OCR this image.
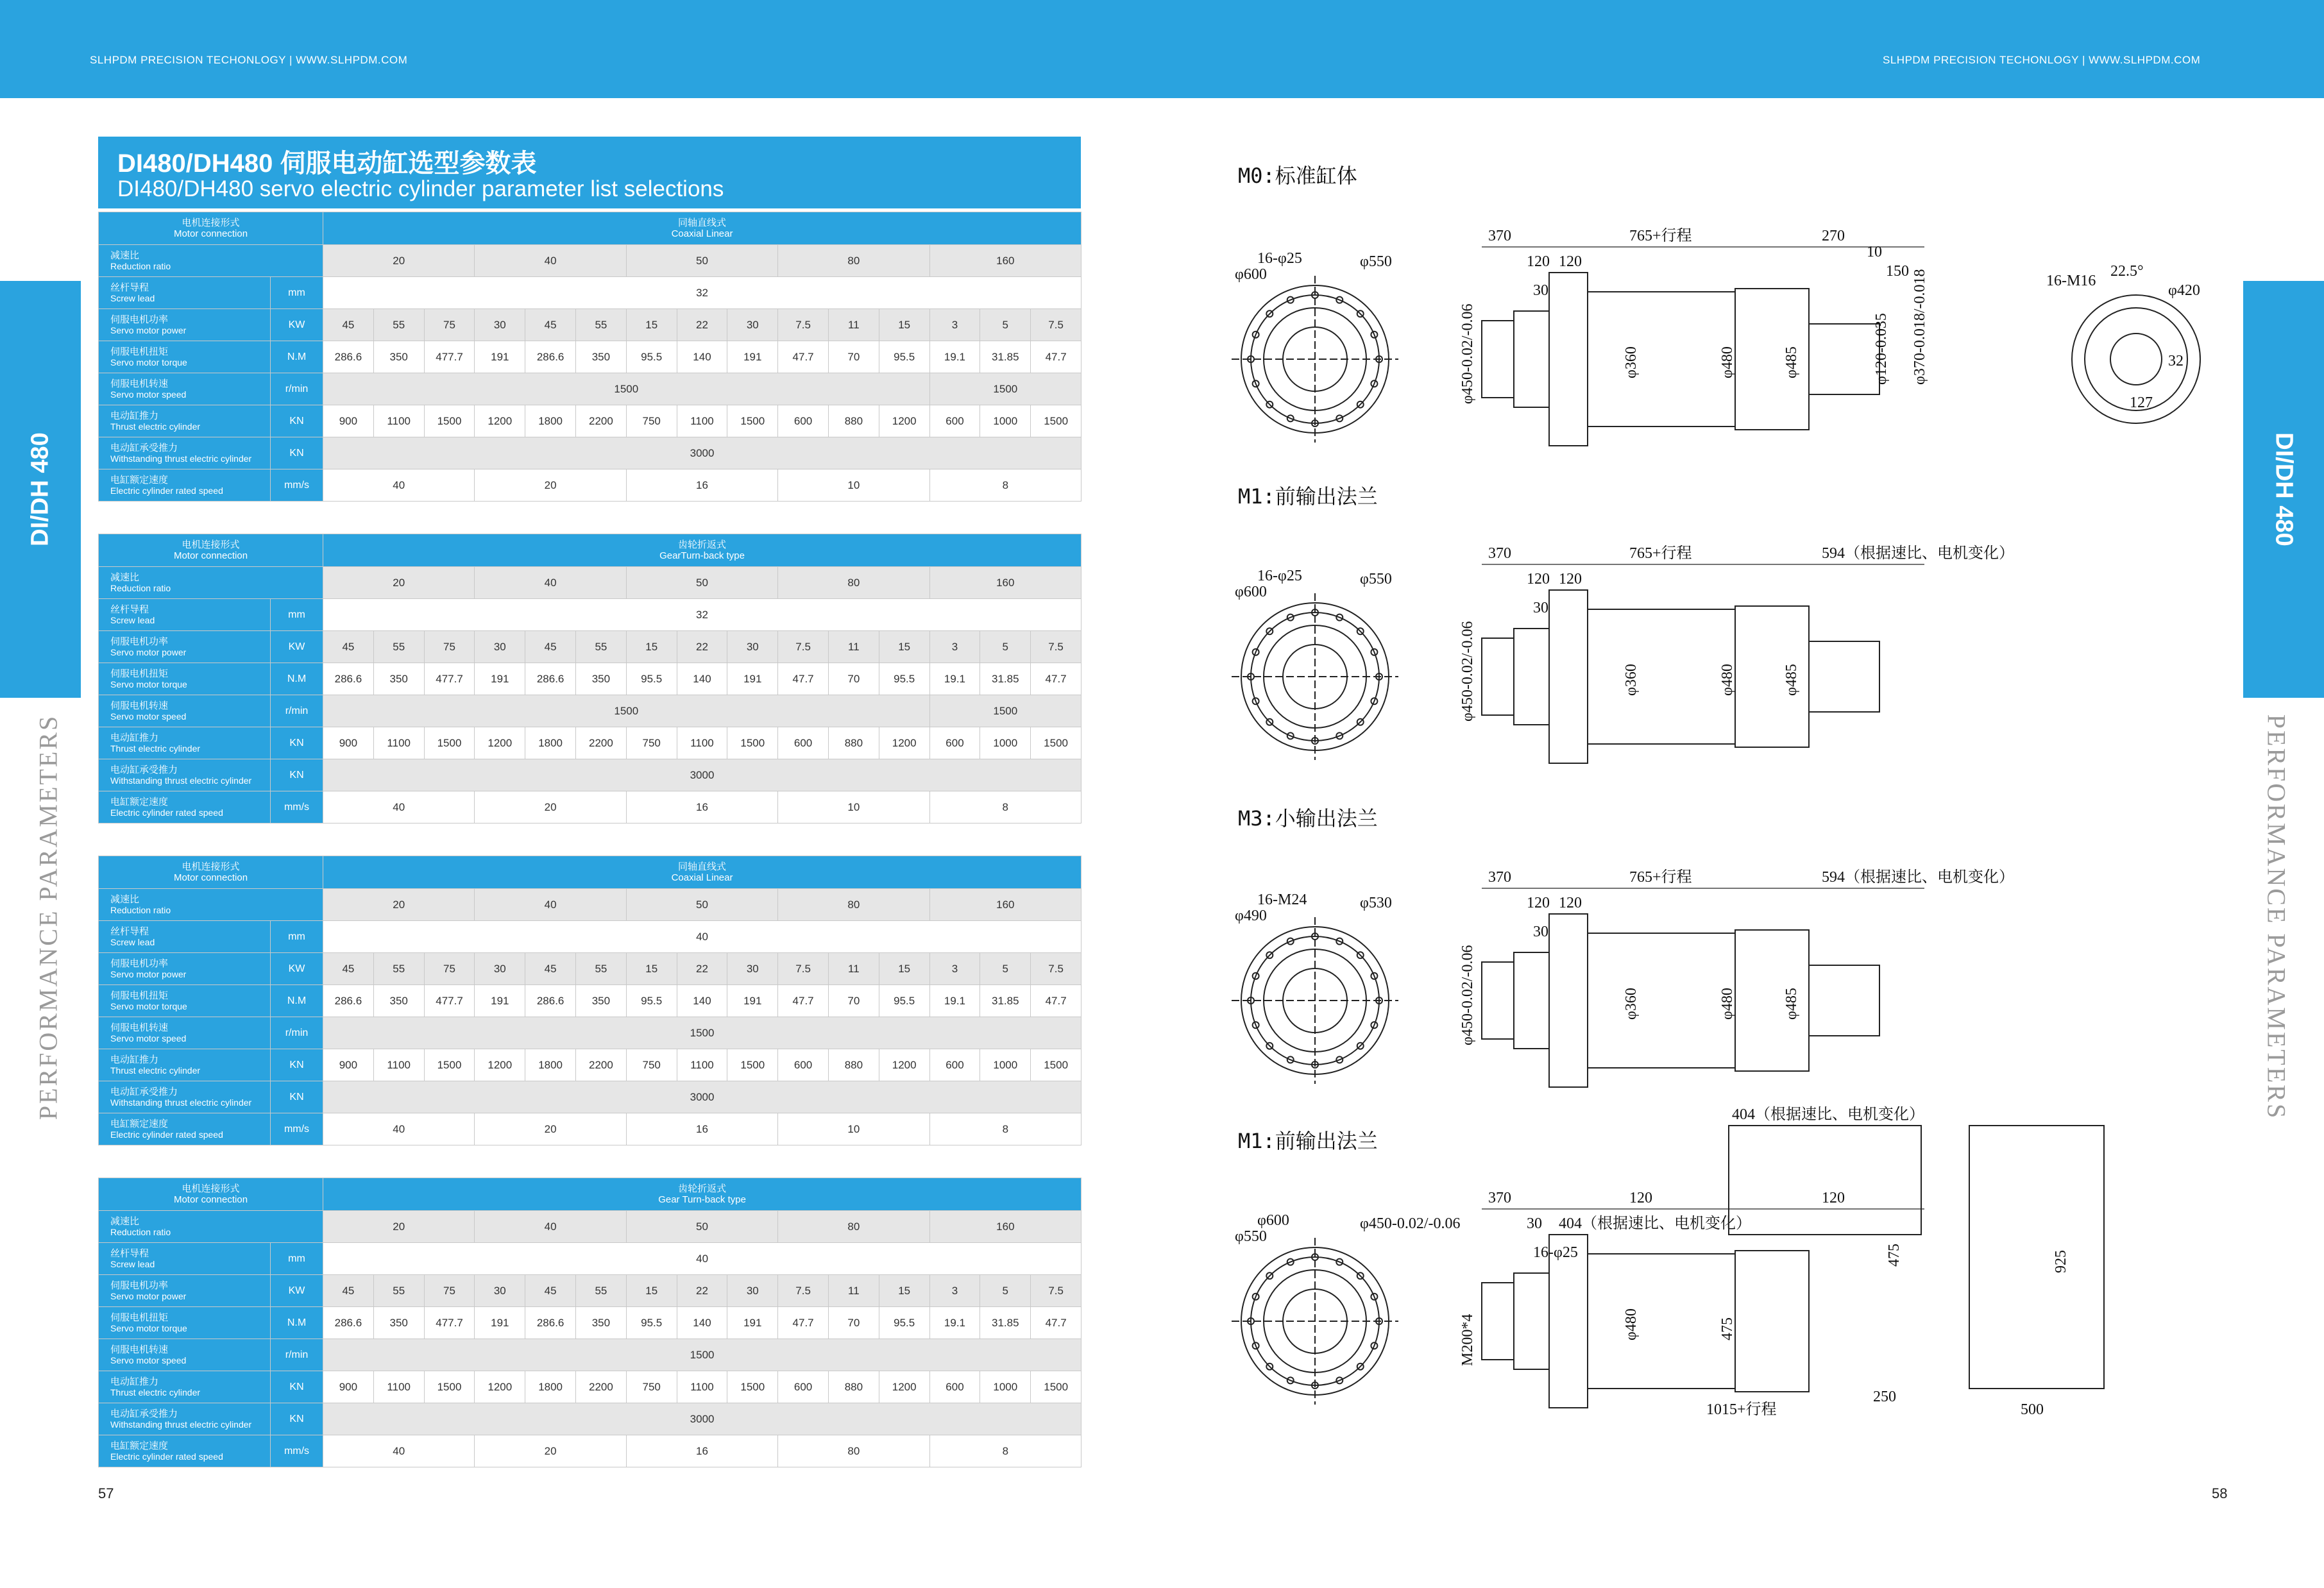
SLHPDM PRECISION TECHONLOGY | WWW.SLHPDM.COM	SLHPDM PRECISION TECHONLOGY | WWW.SLHPDM.COM
DI/DH 480	DI/DH 480
PERFORMANCE PARAMETERS	PERFORMANCE PARAMETERS
DI480/DH480 伺服电动缸选型参数表
DI480/DH480 servo electric cylinder parameter list selections
电机连接形式
Motor connection		同轴直线式
Coaxial Linear														

减速比
Reduction ratio		20			40			50			80			160		

丝杆导程
Screw lead	mm	32														

伺服电机功率
Servo motor power	KW	45	55	75	30	45	55	15	22	30	7.5	11	15	3	5	7.5

伺服电机扭矩
Servo motor torque	N.M	286.6	350	477.7	191	286.6	350	95.5	140	191	47.7	70	95.5	19.1	31.85	47.7

伺服电机转速
Servo motor speed	r/min	1500												1500		

电动缸推力
Thrust electric cylinder	KN	900	1100	1500	1200	1800	2200	750	1100	1500	600	880	1200	600	1000	1500

电动缸承受推力
Withstanding thrust electric cylinder	KN	3000														

电缸额定速度
Electric cylinder rated speed	mm/s	40			20			16			10			8		
电机连接形式
Motor connection		齿轮折返式
GearTurn-back type														

减速比
Reduction ratio		20			40			50			80			160		

丝杆导程
Screw lead	mm	32														

伺服电机功率
Servo motor power	KW	45	55	75	30	45	55	15	22	30	7.5	11	15	3	5	7.5

伺服电机扭矩
Servo motor torque	N.M	286.6	350	477.7	191	286.6	350	95.5	140	191	47.7	70	95.5	19.1	31.85	47.7

伺服电机转速
Servo motor speed	r/min	1500												1500		

电动缸推力
Thrust electric cylinder	KN	900	1100	1500	1200	1800	2200	750	1100	1500	600	880	1200	600	1000	1500

电动缸承受推力
Withstanding thrust electric cylinder	KN	3000														

电缸额定速度
Electric cylinder rated speed	mm/s	40			20			16			10			8		
电机连接形式
Motor connection		同轴直线式
Coaxial Linear														

减速比
Reduction ratio		20			40			50			80			160		

丝杆导程
Screw lead	mm	40														

伺服电机功率
Servo motor power	KW	45	55	75	30	45	55	15	22	30	7.5	11	15	3	5	7.5

伺服电机扭矩
Servo motor torque	N.M	286.6	350	477.7	191	286.6	350	95.5	140	191	47.7	70	95.5	19.1	31.85	47.7

伺服电机转速
Servo motor speed	r/min	1500														

电动缸推力
Thrust electric cylinder	KN	900	1100	1500	1200	1800	2200	750	1100	1500	600	880	1200	600	1000	1500

电动缸承受推力
Withstanding thrust electric cylinder	KN	3000														

电缸额定速度
Electric cylinder rated speed	mm/s	40			20			16			10			8		
电机连接形式
Motor connection		齿轮折返式
Gear Turn-back type														

减速比
Reduction ratio		20			40			50			80			160		

丝杆导程
Screw lead	mm	40														

伺服电机功率
Servo motor power	KW	45	55	75	30	45	55	15	22	30	7.5	11	15	3	5	7.5

伺服电机扭矩
Servo motor torque	N.M	286.6	350	477.7	191	286.6	350	95.5	140	191	47.7	70	95.5	19.1	31.85	47.7

伺服电机转速
Servo motor speed	r/min	1500														

电动缸推力
Thrust electric cylinder	KN	900	1100	1500	1200	1800	2200	750	1100	1500	600	880	1200	600	1000	1500

电动缸承受推力
Withstanding thrust electric cylinder	KN	3000														

电缸额定速度
Electric cylinder rated speed	mm/s	40			20			16			80			8		
M0:标准缸体
370	765+行程	270
120 120
30
φ450-0.02/-0.06	φ360	φ480	φ485
φ600
16-φ25	φ550
M1:前输出法兰
370	765+行程	594（根据速比、电机变化）
120 120
30
φ450-0.02/-0.06	φ360	φ480	φ485
φ600
16-φ25	φ550
M3:小输出法兰
370	765+行程	594（根据速比、电机变化）
120 120
30
φ450-0.02/-0.06	φ360	φ480	φ485
φ490
16-M24	φ530
M1:前输出法兰
370	120	120
30 404（根据速比、电机变化）
16-φ25
M200*4	φ480	475
φ550
φ600	φ450-0.02/-0.06
10
150
φ120-0.035 φ370-0.018/-0.018	16-M16
22.5°
φ420
32
127
404（根据速比、电机变化）
475	925
250
1015+行程	500
57	58
